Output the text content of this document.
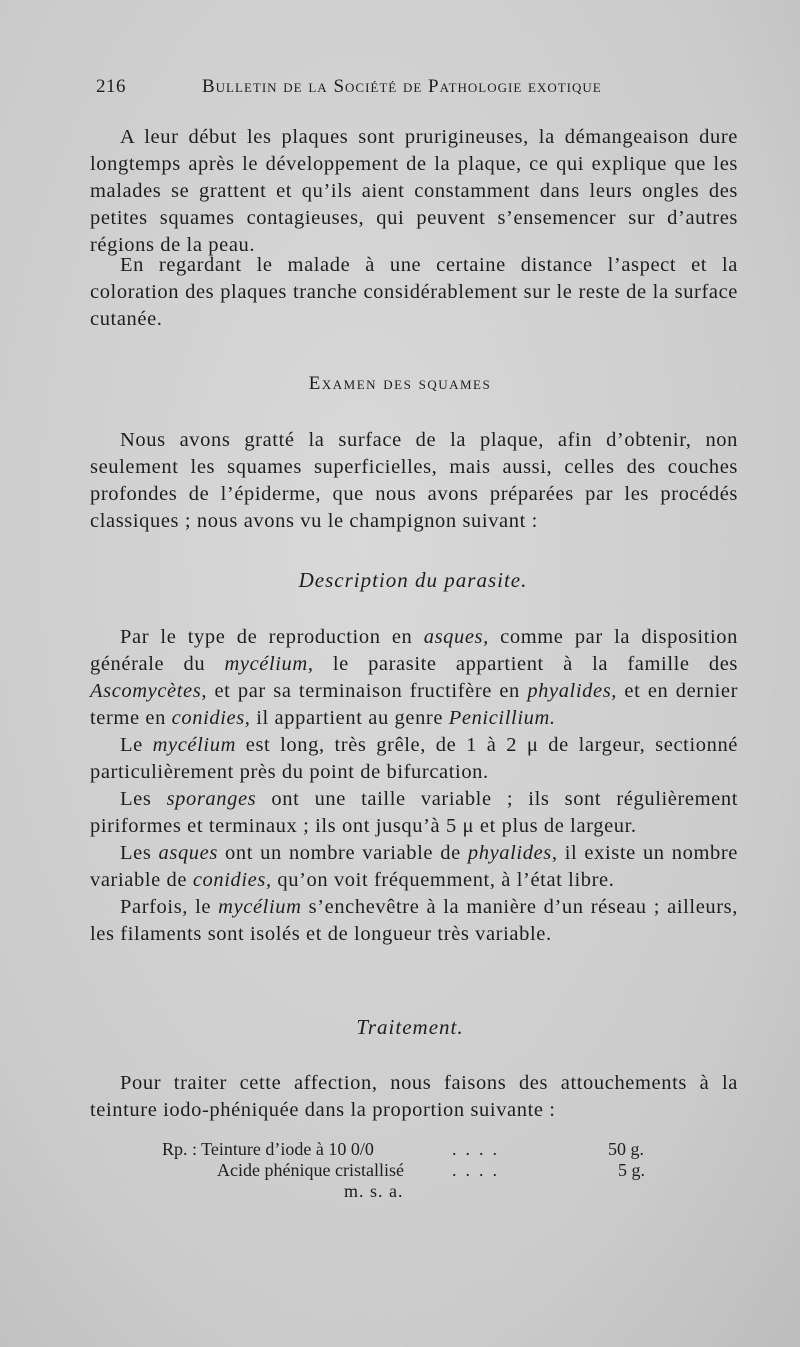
216	Bulletin de la Société de Pathologie exotique

A leur début les plaques sont prurigineuses, la démangeaison dure longtemps après le développement de la plaque, ce qui explique que les malades se grattent et qu’ils aient constamment dans leurs ongles des petites squames contagieuses, qui peuvent s’ensemencer sur d’autres régions de la peau.

En regardant le malade à une certaine distance l’aspect et la coloration des plaques tranche considérablement sur le reste de la surface cutanée.

Examen des squames

Nous avons gratté la surface de la plaque, afin d’obtenir, non seulement les squames superficielles, mais aussi, celles des couches profondes de l’épiderme, que nous avons préparées par les procédés classiques ; nous avons vu le champignon suivant :

Description du parasite.

Par le type de reproduction en asques, comme par la disposition générale du mycélium, le parasite appartient à la famille des Ascomycètes, et par sa terminaison fructifère en phyalides, et en dernier terme en conidies, il appartient au genre Penicillium.

Le mycélium est long, très grêle, de 1 à 2 μ de largeur, sectionné particulièrement près du point de bifurcation.

Les sporanges ont une taille variable ; ils sont régulièrement piriformes et terminaux ; ils ont jusqu’à 5 μ et plus de largeur.

Les asques ont un nombre variable de phyalides, il existe un nombre variable de conidies, qu’on voit fréquemment, à l’état libre.

Parfois, le mycélium s’enchevêtre à la manière d’un réseau ; ailleurs, les filaments sont isolés et de longueur très variable.

Traitement.

Pour traiter cette affection, nous faisons des attouchements à la teinture iodo-phéniquée dans la proportion suivante :

Rp. : Teinture d’iode à 10 0/0	....	50 g.
Acide phénique cristallisé	....	5 g.
m. s. a.
